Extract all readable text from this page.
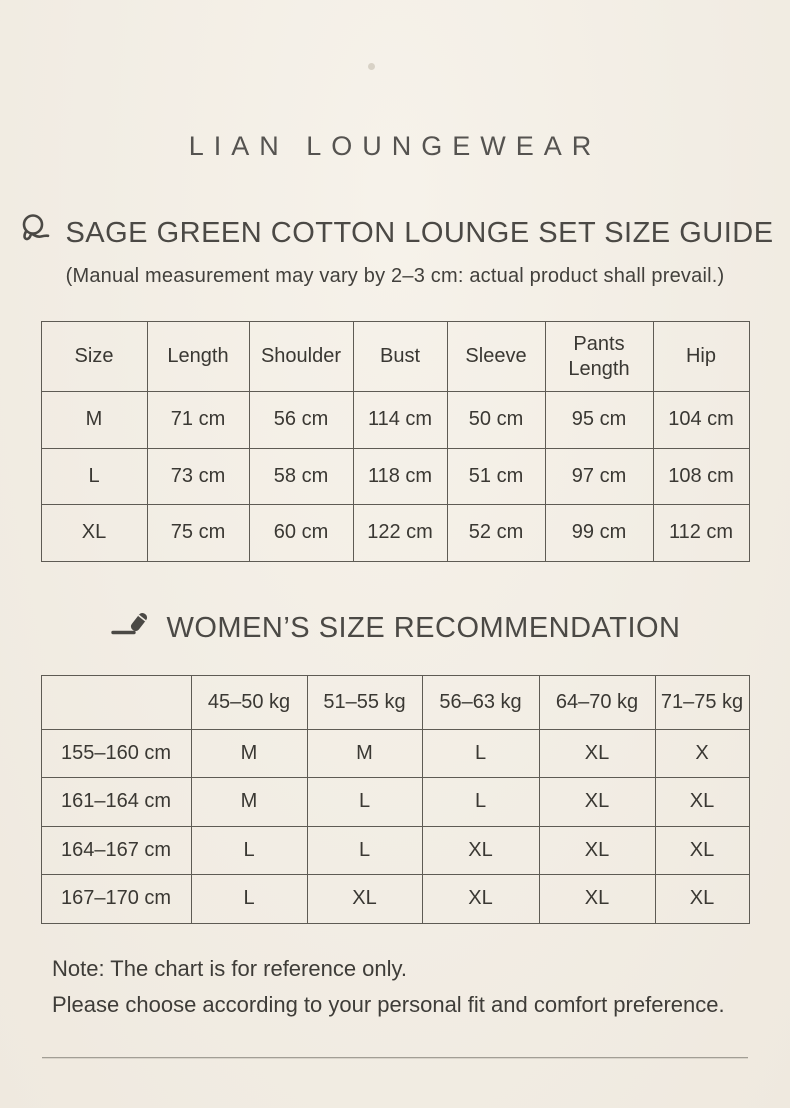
LIAN LOUNGEWEAR
SAGE GREEN COTTON LOUNGE SET SIZE GUIDE
(Manual measurement may vary by 2–3 cm: actual product shall prevail.)
Size	Length	Shoulder	Bust	Sleeve	Pants Length	Hip
M	71 cm	56 cm	114 cm	50 cm	95 cm	104 cm
L	73 cm	58 cm	118 cm	51 cm	97 cm	108 cm
XL	75 cm	60 cm	122 cm	52 cm	99 cm	112 cm
WOMEN’S SIZE RECOMMENDATION
	45–50 kg	51–55 kg	56–63 kg	64–70 kg	71–75 kg
155–160 cm	M	M	L	XL	X
161–164 cm	M	L	L	XL	XL
164–167 cm	L	L	XL	XL	XL
167–170 cm	L	XL	XL	XL	XL
Note: The chart is for reference only.
Please choose according to your personal fit and comfort preference.
